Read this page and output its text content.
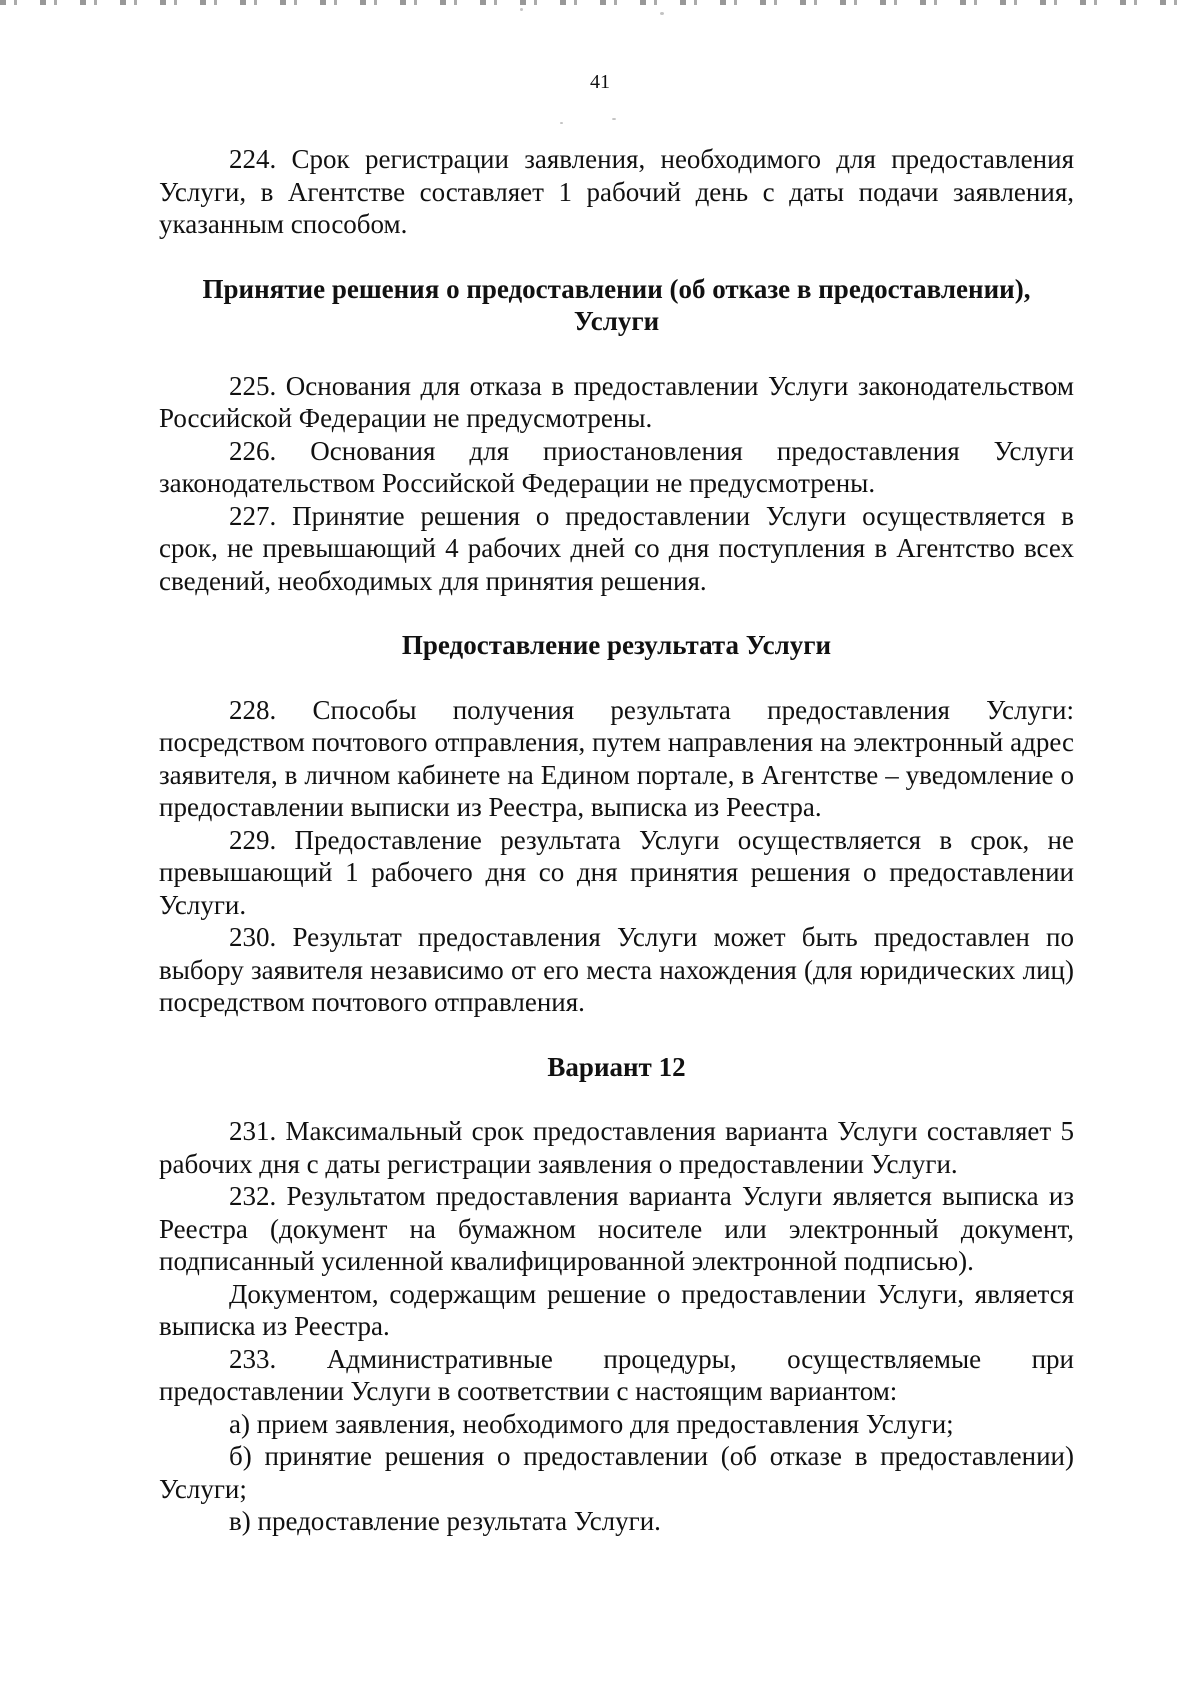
41

224. Срок регистрации заявления, необходимого для предоставления Услуги, в Агентстве составляет 1 рабочий день с даты подачи заявления, указанным способом.

Принятие решения о предоставлении (об отказе в предоставлении), Услуги

225. Основания для отказа в предоставлении Услуги законодательством Российской Федерации не предусмотрены.

226. Основания для приостановления предоставления Услуги законодательством Российской Федерации не предусмотрены.

227. Принятие решения о предоставлении Услуги осуществляется в срок, не превышающий 4 рабочих дней со дня поступления в Агентство всех сведений, необходимых для принятия решения.

Предоставление результата Услуги

228. Способы получения результата предоставления Услуги: посредством почтового отправления, путем направления на электронный адрес заявителя, в личном кабинете на Едином портале, в Агентстве – уведомление о предоставлении выписки из Реестра, выписка из Реестра.

229. Предоставление результата Услуги осуществляется в срок, не превышающий 1 рабочего дня со дня принятия решения о предоставлении Услуги.

230. Результат предоставления Услуги может быть предоставлен по выбору заявителя независимо от его места нахождения (для юридических лиц) посредством почтового отправления.

Вариант 12

231. Максимальный срок предоставления варианта Услуги составляет 5 рабочих дня с даты регистрации заявления о предоставлении Услуги.

232. Результатом предоставления варианта Услуги является выписка из Реестра (документ на бумажном носителе или электронный документ, подписанный усиленной квалифицированной электронной подписью).

Документом, содержащим решение о предоставлении Услуги, является выписка из Реестра.

233. Административные процедуры, осуществляемые при предоставлении Услуги в соответствии с настоящим вариантом:

а) прием заявления, необходимого для предоставления Услуги;

б) принятие решения о предоставлении (об отказе в предоставлении) Услуги;

в) предоставление результата Услуги.
